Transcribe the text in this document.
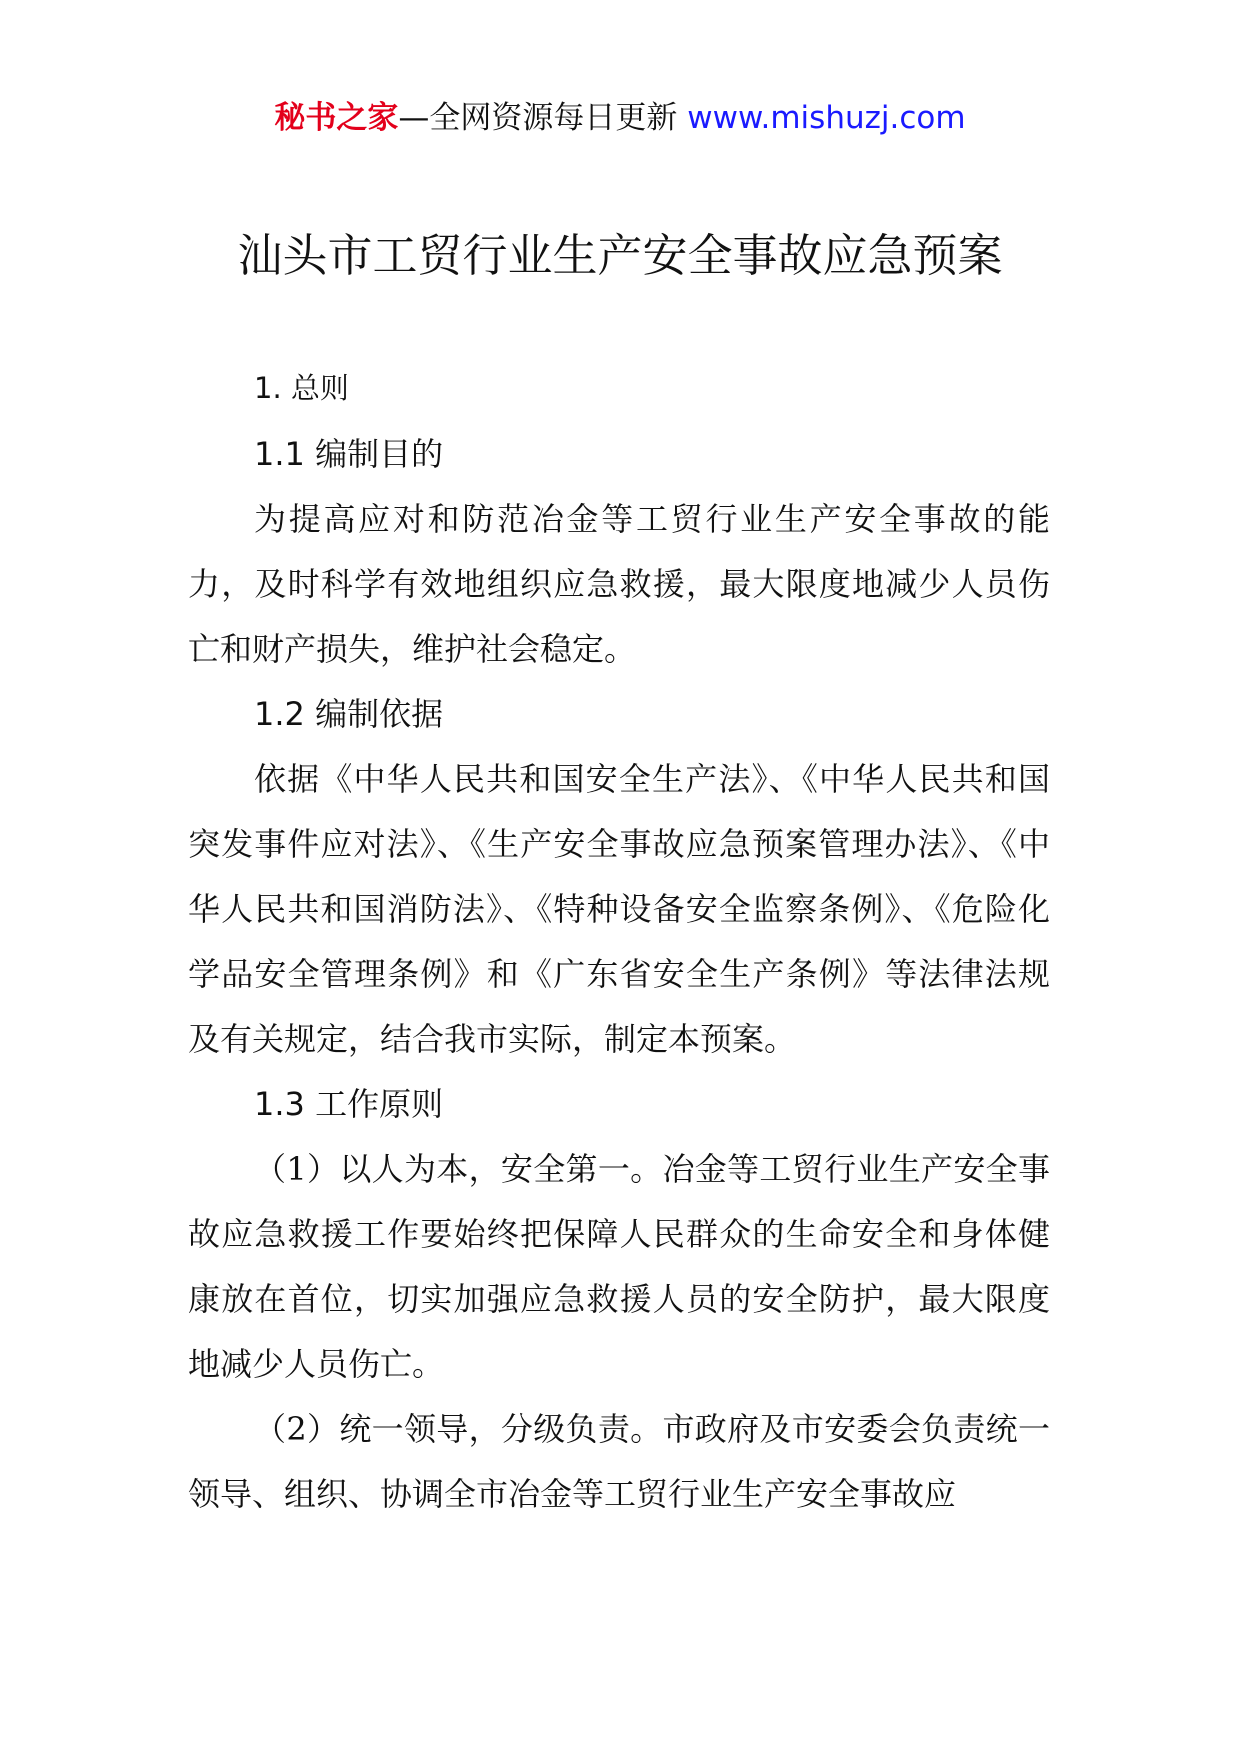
秘书之家—全网资源每日更新 www.mishuzj.com
汕头市工贸行业生产安全事故应急预案

1. 总则

1.1 编制目的

为提高应对和防范冶金等工贸行业生产安全事故的能力，及时科学有效地组织应急救援，最大限度地减少人员伤亡和财产损失，维护社会稳定。

1.2 编制依据

依据《中华人民共和国安全生产法》、《中华人民共和国突发事件应对法》、《生产安全事故应急预案管理办法》、《中华人民共和国消防法》、《特种设备安全监察条例》、《危险化学品安全管理条例》和《广东省安全生产条例》等法律法规及有关规定，结合我市实际，制定本预案。

1.3 工作原则

（1）以人为本，安全第一。冶金等工贸行业生产安全事故应急救援工作要始终把保障人民群众的生命安全和身体健康放在首位，切实加强应急救援人员的安全防护，最大限度地减少人员伤亡。

（2）统一领导，分级负责。市政府及市安委会负责统一领导、组织、协调全市冶金等工贸行业生产安全事故应
